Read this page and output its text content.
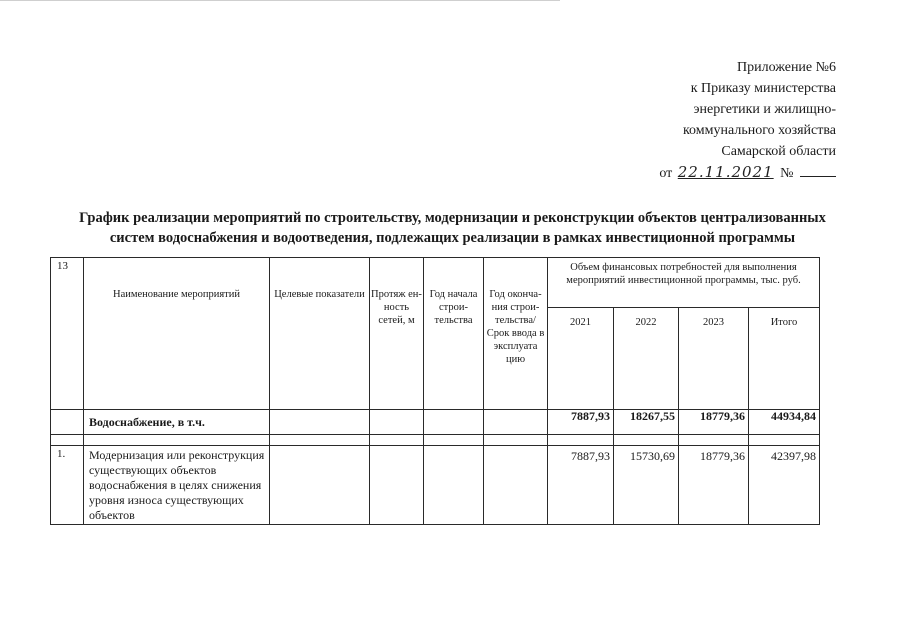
Приложение №6
к Приказу министерства
энергетики и жилищно-
коммунального хозяйства
Самарской области
от 22.11.2021 №
График реализации мероприятий по строительству, модернизации и реконструкции объектов централизованных
систем водоснабжения и водоотведения, подлежащих реализации в рамках инвестиционной программы
13	Наименование мероприятий	Целевые показатели	Протяж ен- ность сетей, м	Год начала строи- тельства	Год оконча- ния строи- тельства/ Срок ввода в эксплуата цию	Объем финансовых потребностей для выполнения мероприятий инвестиционной программы, тыс. руб.			
						2021	2022	2023	Итого
	Водоснабжение, в т.ч.					7887,93	18267,55	18779,36	44934,84

1.	Модернизация или реконструкция существующих объектов водоснабжения в целях снижения уровня износа существующих объектов					7887,93	15730,69	18779,36	42397,98
